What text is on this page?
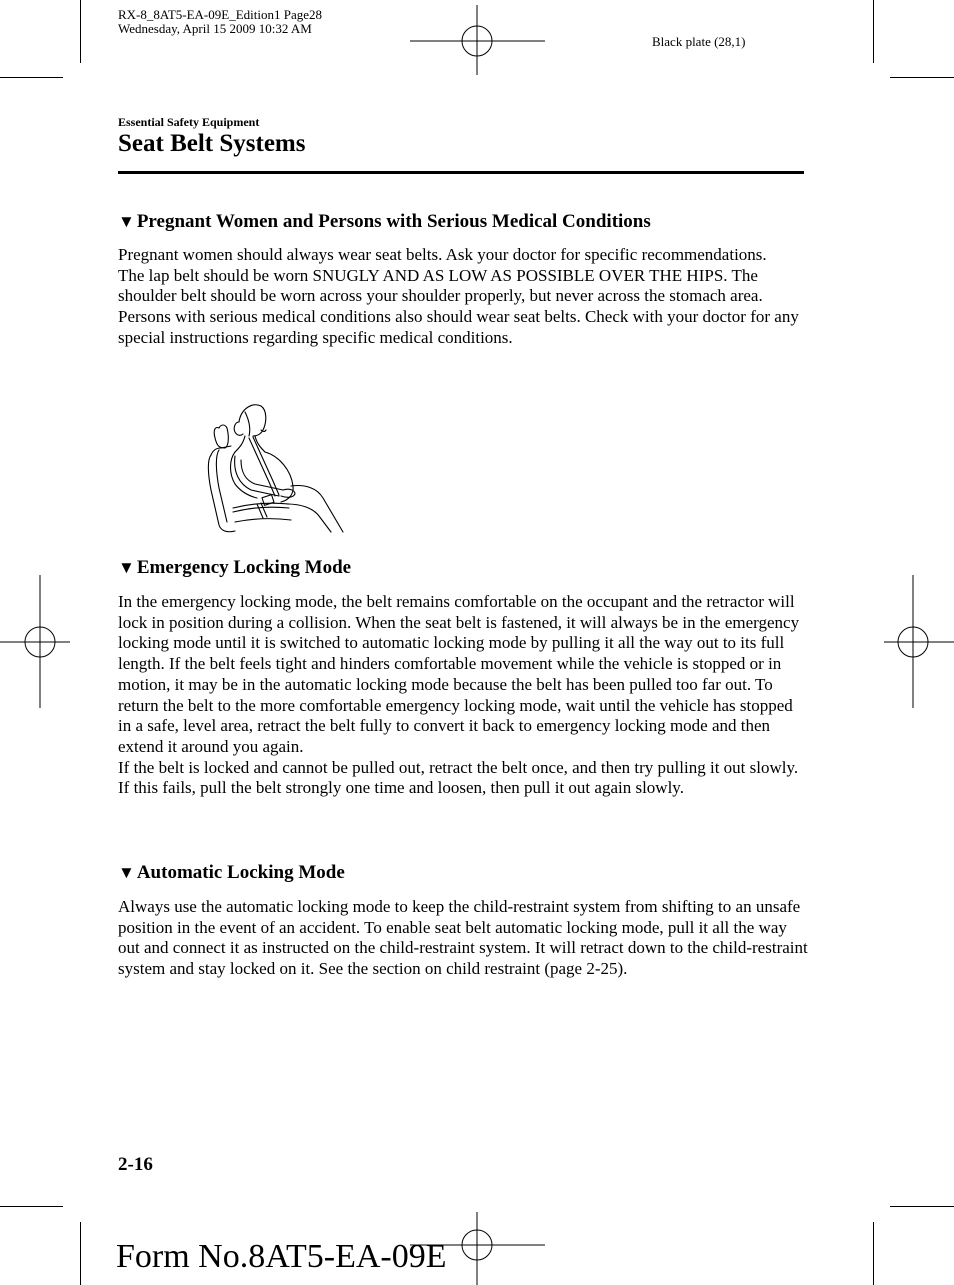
RX-8_8AT5-EA-09E_Edition1 Page28
Wednesday, April 15 2009 10:32 AM
Black plate (28,1)
Essential Safety Equipment
Seat Belt Systems
▼ Pregnant Women and Persons with Serious Medical Conditions

Pregnant women should always wear seat belts. Ask your doctor for specific recommendations.

The lap belt should be worn SNUGLY AND AS LOW AS POSSIBLE OVER THE HIPS. The shoulder belt should be worn across your shoulder properly, but never across the stomach area.

Persons with serious medical conditions also should wear seat belts. Check with your doctor for any special instructions regarding specific medical conditions.

▼ Emergency Locking Mode

In the emergency locking mode, the belt remains comfortable on the occupant and the retractor will lock in position during a collision. When the seat belt is fastened, it will always be in the emergency locking mode until it is switched to automatic locking mode by pulling it all the way out to its full length. If the belt feels tight and hinders comfortable movement while the vehicle is stopped or in motion, it may be in the automatic locking mode because the belt has been pulled too far out. To return the belt to the more comfortable emergency locking mode, wait until the vehicle has stopped in a safe, level area, retract the belt fully to convert it back to emergency locking mode and then extend it around you again.

If the belt is locked and cannot be pulled out, retract the belt once, and then try pulling it out slowly. If this fails, pull the belt strongly one time and loosen, then pull it out again slowly.

▼ Automatic Locking Mode

Always use the automatic locking mode to keep the child-restraint system from shifting to an unsafe position in the event of an accident. To enable seat belt automatic locking mode, pull it all the way out and connect it as instructed on the child-restraint system. It will retract down to the child-restraint system and stay locked on it. See the section on child restraint (page 2-25).

2-16
Form No.8AT5-EA-09E
